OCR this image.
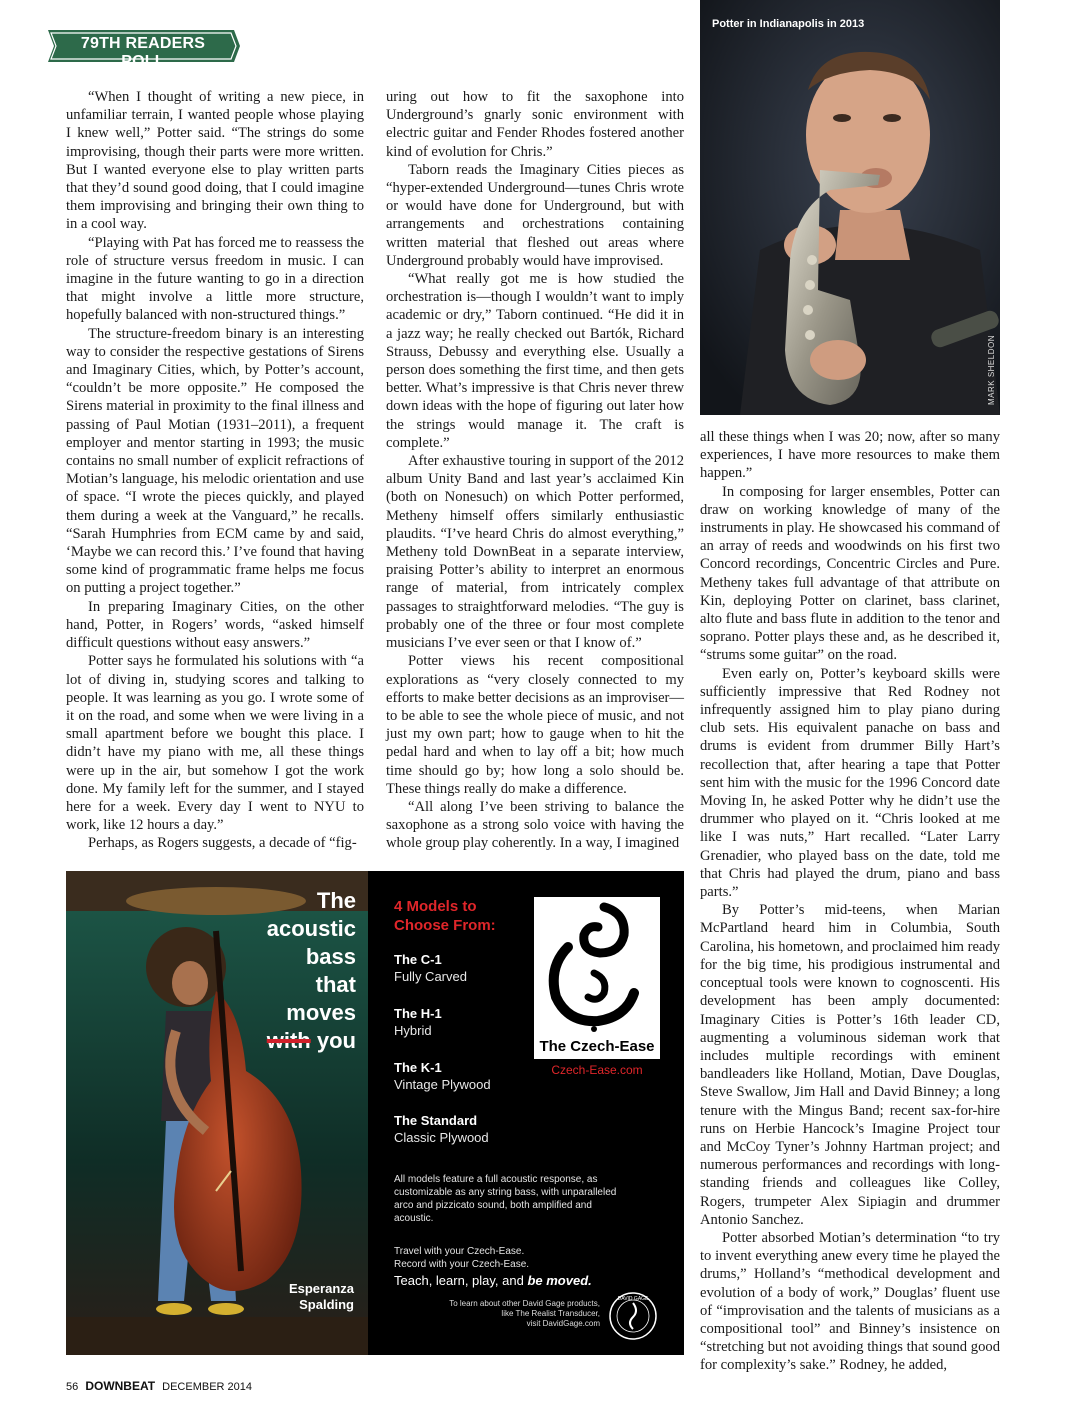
79TH READERS POLL

“When I thought of writing a new piece, in unfamiliar terrain, I wanted people whose playing I knew well,” Potter said. “The strings do some improvising, though their parts were more written. But I wanted everyone else to play written parts that they’d sound good doing, that I could imagine them improvising and bringing their own thing to in a cool way.

“Playing with Pat has forced me to reassess the role of structure versus freedom in music. I can imagine in the future wanting to go in a direction that might involve a little more structure, hopefully balanced with non-structured things.”

The structure-freedom binary is an interesting way to consider the respective gestations of Sirens and Imaginary Cities, which, by Potter’s account, “couldn’t be more opposite.” He composed the Sirens material in proximity to the final illness and passing of Paul Motian (1931–2011), a frequent employer and mentor starting in 1993; the music contains no small number of explicit refractions of Motian’s language, his melodic orientation and use of space. “I wrote the pieces quickly, and played them during a week at the Vanguard,” he recalls. “Sarah Humphries from ECM came by and said, ‘Maybe we can record this.’ I’ve found that having some kind of programmatic frame helps me focus on putting a project together.”

In preparing Imaginary Cities, on the other hand, Potter, in Rogers’ words, “asked himself difficult questions without easy answers.”

Potter says he formulated his solutions with “a lot of diving in, studying scores and talking to people. It was learning as you go. I wrote some of it on the road, and some when we were living in a small apartment before we bought this place. I didn’t have my piano with me, all these things were up in the air, but somehow I got the work done. My family left for the summer, and I stayed here for a week. Every day I went to NYU to work, like 12 hours a day.”

Perhaps, as Rogers suggests, a decade of “fig-

uring out how to fit the saxophone into Underground’s gnarly sonic environment with electric guitar and Fender Rhodes fostered another kind of evolution for Chris.”

Taborn reads the Imaginary Cities pieces as “hyper-extended Underground—tunes Chris wrote or would have done for Underground, but with arrangements and orchestrations containing written material that fleshed out areas where Underground probably would have improvised.

“What really got me is how studied the orchestration is—though I wouldn’t want to imply academic or dry,” Taborn continued. “He did it in a jazz way; he really checked out Bartók, Richard Strauss, Debussy and everything else. Usually a person does something the first time, and then gets better. What’s impressive is that Chris never threw down ideas with the hope of figuring out later how the strings would manage it. The craft is complete.”

After exhaustive touring in support of the 2012 album Unity Band and last year’s acclaimed Kin (both on Nonesuch) on which Potter performed, Metheny himself offers similarly enthusiastic plaudits. “I’ve heard Chris do almost everything,” Metheny told DownBeat in a separate interview, praising Potter’s ability to interpret an enormous range of material, from intricately complex passages to straightforward melodies. “The guy is probably one of the three or four most complete musicians I’ve ever seen or that I know of.”

Potter views his recent compositional explorations as “very closely connected to my efforts to make better decisions as an improviser—to be able to see the whole piece of music, and not just my own part; how to gauge when to hit the pedal hard and when to lay off a bit; how much time should go by; how long a solo should be. These things really do make a difference.

“All along I’ve been striving to balance the saxophone as a strong solo voice with having the whole group play coherently. In a way, I imagined

Potter in Indianapolis in 2013
MARK SHELDON

all these things when I was 20; now, after so many experiences, I have more resources to make them happen.”

In composing for larger ensembles, Potter can draw on working knowledge of many of the instruments in play. He showcased his command of an array of reeds and woodwinds on his first two Concord recordings, Concentric Circles and Pure. Metheny takes full advantage of that attribute on Kin, deploying Potter on clarinet, bass clarinet, alto flute and bass flute in addition to the tenor and soprano. Potter plays these and, as he described it, “strums some guitar” on the road.

Even early on, Potter’s keyboard skills were sufficiently impressive that Red Rodney not infrequently assigned him to play piano during club sets. His equivalent panache on bass and drums is evident from drummer Billy Hart’s recollection that, after hearing a tape that Potter sent him with the music for the 1996 Concord date Moving In, he asked Potter why he didn’t use the drummer who played on it. “Chris looked at me like I was nuts,” Hart recalled. “Later Larry Grenadier, who played bass on the date, told me that Chris had played the drum, piano and bass parts.”

By Potter’s mid-teens, when Marian McPartland heard him in Columbia, South Carolina, his hometown, and proclaimed him ready for the big time, his prodigious instrumental and conceptual tools were known to cognoscenti. His development has been amply documented: Imaginary Cities is Potter’s 16th leader CD, augmenting a voluminous sideman work that includes multiple recordings with eminent bandleaders like Holland, Motian, Dave Douglas, Steve Swallow, Jim Hall and David Binney; a long tenure with the Mingus Band; recent sax-for-hire runs on Herbie Hancock’s Imagine Project tour and McCoy Tyner’s Johnny Hartman project; and numerous performances and recordings with long-standing friends and colleagues like Colley, Rogers, trumpeter Alex Sipiagin and drummer Antonio Sanchez.

Potter absorbed Motian’s determination “to try to invent everything anew every time he played the drums,” Holland’s “methodical development and evolution of a body of work,” Douglas’ fluent use of “improvisation and the talents of musicians as a compositional tool” and Binney’s insistence on “stretching but not avoiding things that sound good for complexity’s sake.” Rodney, he added,

The
acoustic
bass
that
moves
with you
Esperanza
Spalding
4 Models to Choose From:
The C-1
Fully Carved
The H-1
Hybrid
The K-1
Vintage Plywood
The Standard
Classic Plywood
The Czech-Ease
Czech-Ease.com
All models feature a full acoustic response, as customizable as any string bass, with unparalleled arco and pizzicato sound, both amplified and acoustic.
Travel with your Czech-Ease.
Record with your Czech-Ease.
Teach, learn, play, and be moved.
To learn about other David Gage products,
like The Realist Transducer,
visit DavidGage.com
DAVID GAGE
56 DOWNBEAT DECEMBER 2014
